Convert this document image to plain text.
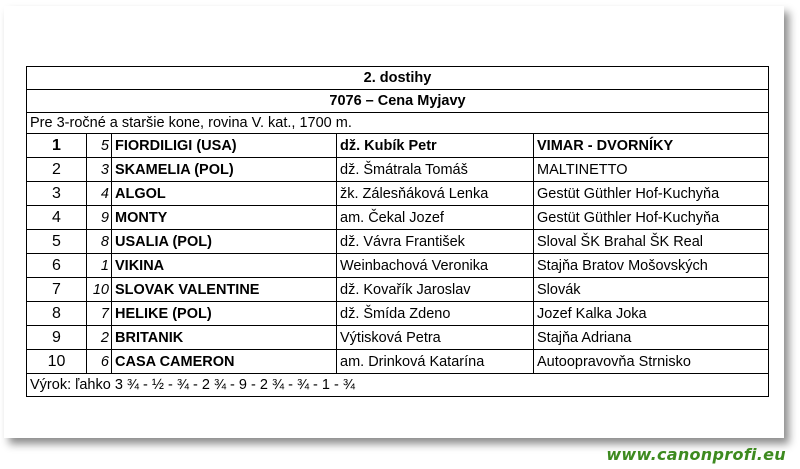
2. dostihy				
7076 – Cena Myjavy				
Pre 3-ročné a staršie kone, rovina V. kat., 1700 m.				
1	5	FIORDILIGI (USA)	dž. Kubík Petr	VIMAR - DVORNÍKY
2	3	SKAMELIA (POL)	dž. Šmátrala Tomáš	MALTINETTO
3	4	ALGOL	žk. Zálesňáková Lenka	Gestüt Güthler Hof-Kuchyňa
4	9	MONTY	am. Čekal Jozef	Gestüt Güthler Hof-Kuchyňa
5	8	USALIA (POL)	dž. Vávra František	Sloval ŠK Brahal ŠK Real
6	1	VIKINA	Weinbachová Veronika	Stajňa Bratov Mošovských
7	10	SLOVAK VALENTINE	dž. Kovařík Jaroslav	Slovák
8	7	HELIKE (POL)	dž. Šmída Zdeno	Jozef Kalka Joka
9	2	BRITANIK	Výtisková Petra	Stajňa Adriana
10	6	CASA CAMERON	am. Drinková Katarína	Autoopravovňa Strnisko
Výrok: ľahko 3 ¾ - ½ - ¾ - 2 ¾ - 9 - 2 ¾ - ¾ - 1 - ¾				
www.canonprofi.eu
